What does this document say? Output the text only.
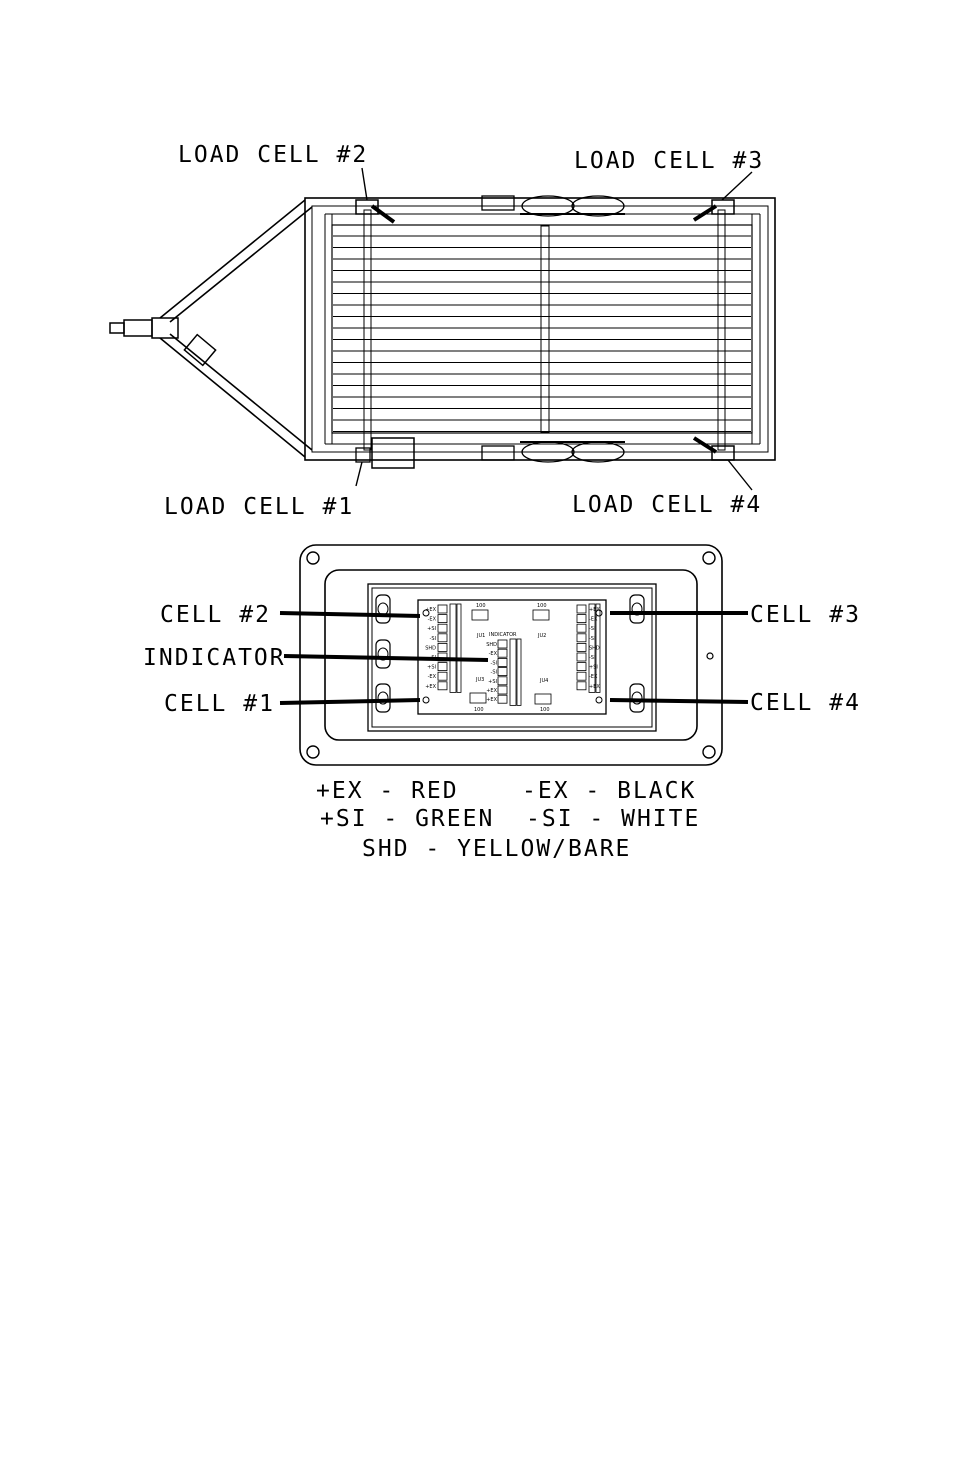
LOAD CELL #2	LOAD CELL #3
LOAD CELL #1	LOAD CELL #4
+EX
-EX
+SI
-SI
SHD
-SI
+SI
-EX
+EX
+EX
-EX
-SI
-SI
SHD
-SI
+SI
-EX
+EX
SHD
-EX
-SI
-SI
+SI
+EX
+EX
100
JU1
100
JU2
JU3
100
JU4
100
INDICATOR
CELL #2
INDICATOR
CELL #1
CELL #3
CELL #4
+EX - RED    -EX - BLACK
+SI - GREEN  -SI - WHITE
SHD - YELLOW/BARE
